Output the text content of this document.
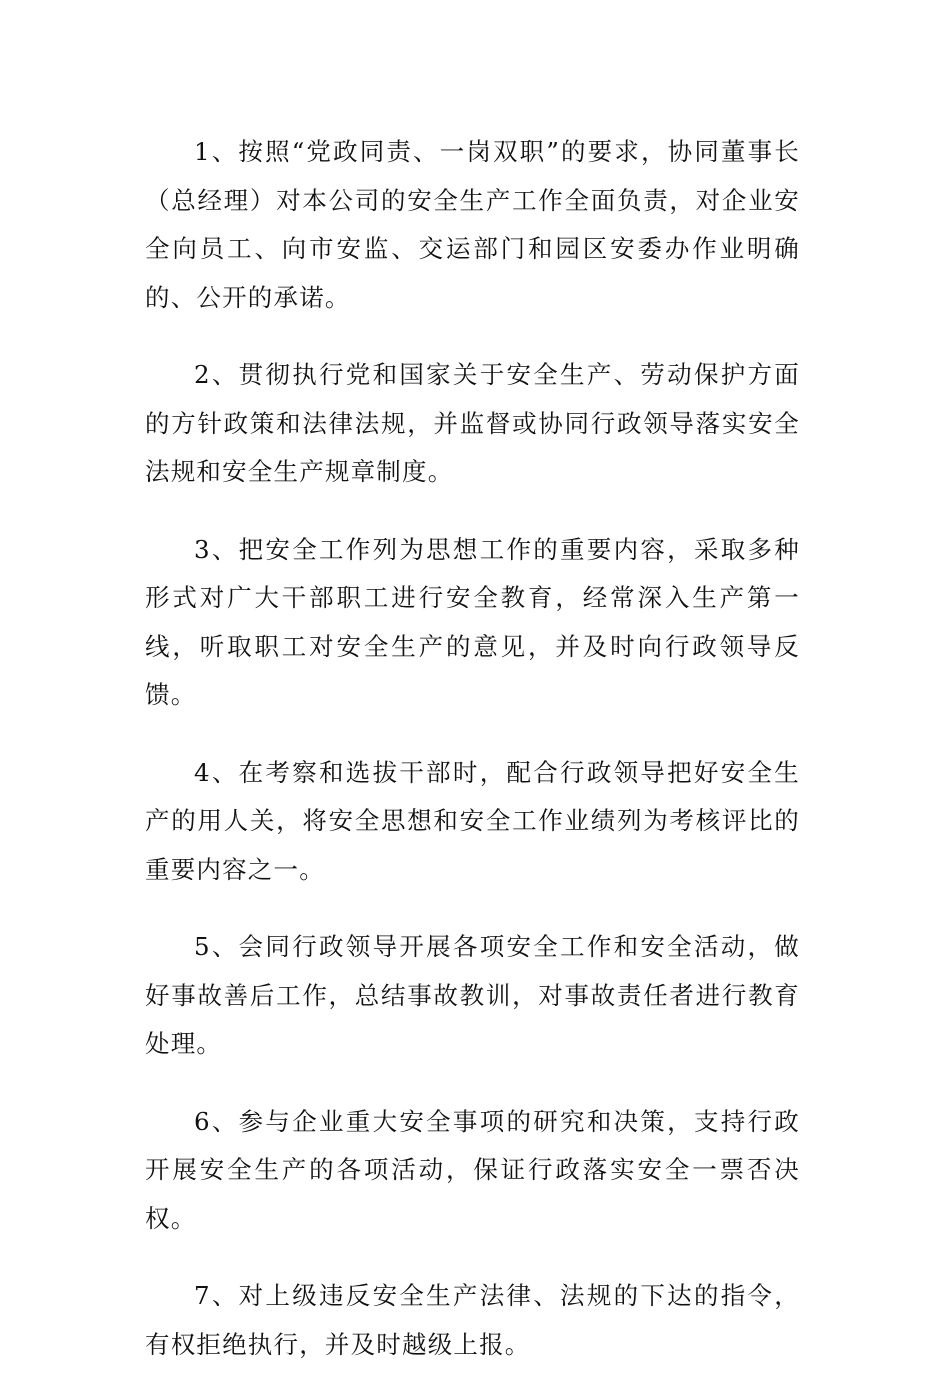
1、按照“党政同责、一岗双职”的要求，协同董事长（总经理）对本公司的安全生产工作全面负责，对企业安全向员工、向市安监、交运部门和园区安委办作业明确的、公开的承诺。

2、贯彻执行党和国家关于安全生产、劳动保护方面的方针政策和法律法规，并监督或协同行政领导落实安全法规和安全生产规章制度。

3、把安全工作列为思想工作的重要内容，采取多种形式对广大干部职工进行安全教育，经常深入生产第一线，听取职工对安全生产的意见，并及时向行政领导反馈。

4、在考察和选拔干部时，配合行政领导把好安全生产的用人关，将安全思想和安全工作业绩列为考核评比的重要内容之一。

5、会同行政领导开展各项安全工作和安全活动，做好事故善后工作，总结事故教训，对事故责任者进行教育处理。

6、参与企业重大安全事项的研究和决策，支持行政开展安全生产的各项活动，保证行政落实安全一票否决权。

7、对上级违反安全生产法律、法规的下达的指令，有权拒绝执行，并及时越级上报。
